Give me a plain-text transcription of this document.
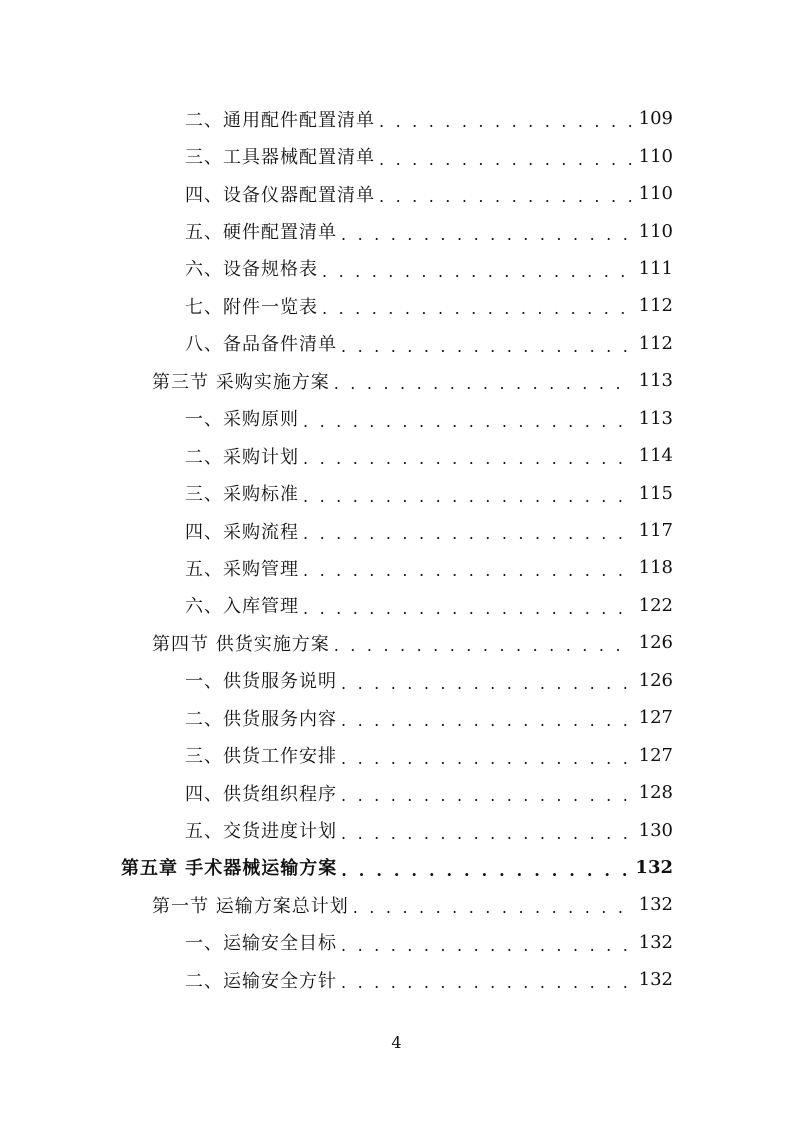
二、通用配件配置清单 . . .	109
三、工具器械配置清单 . . .	110
四、设备仪器配置清单 . . .	110
五、硬件配置清单 . . .	110
六、设备规格表 . . .	111
七、附件一览表 . . .	112
八、备品备件清单 . . .	112
第三节 采购实施方案 . . .	113
一、采购原则 . . .	113
二、采购计划 . . .	114
三、采购标准 . . .	115
四、采购流程 . . .	117
五、采购管理 . . .	118
六、入库管理 . . .	122
第四节 供货实施方案 . . .	126
一、供货服务说明 . . .	126
二、供货服务内容 . . .	127
三、供货工作安排 . . .	127
四、供货组织程序 . . .	128
五、交货进度计划 . . .	130
第五章 手术器械运输方案 . . .	132
第一节 运输方案总计划 . . .	132
一、运输安全目标 . . .	132
二、运输安全方针 . . .	132
4
